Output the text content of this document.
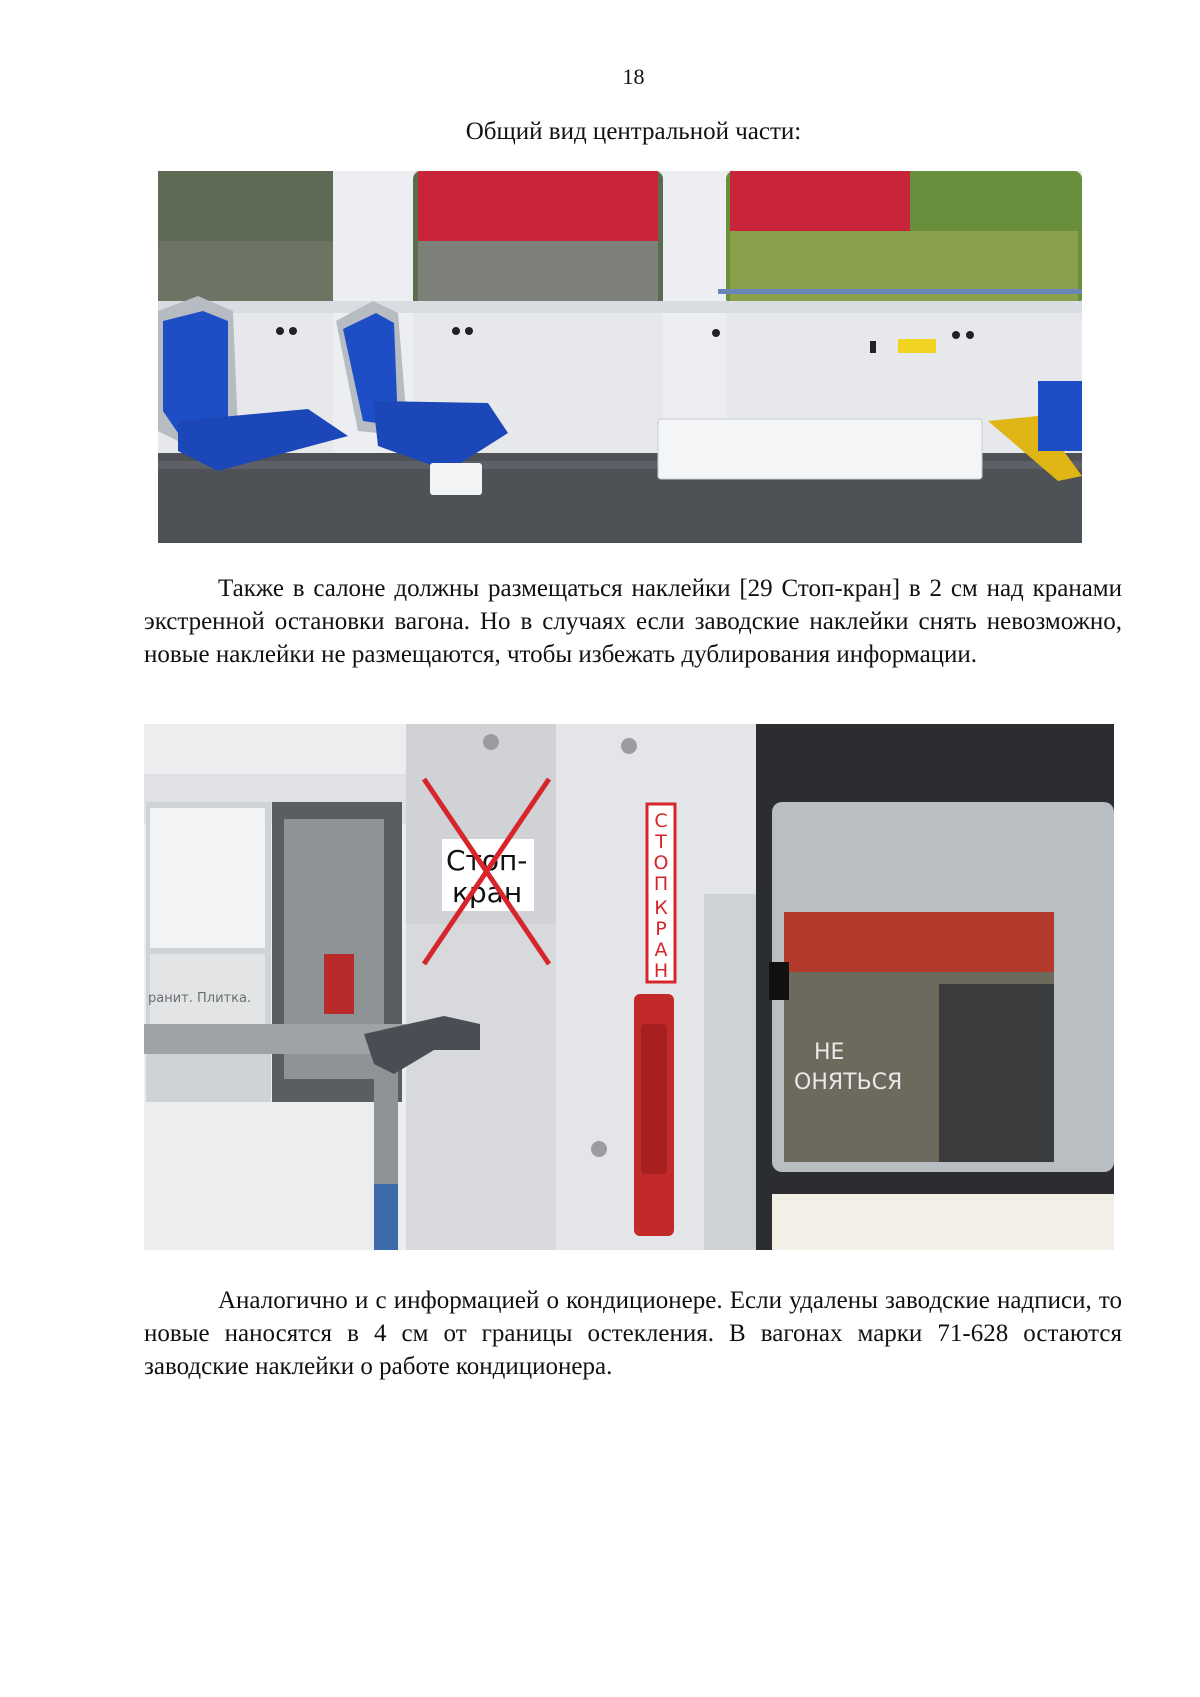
18
Общий вид центральной части:

Также в салоне должны размещаться наклейки [29 Стоп-кран] в 2 см над кранами экстренной остановки вагона. Но в случаях если заводские наклейки снять невозможно, новые наклейки не размещаются, чтобы избежать дублирования информации.

ранит. Плитка.
Стоп-
кран
С
Т
О
П
К
Р
А
Н
НЕ
ОНЯТЬСЯ

Аналогично и с информацией о кондиционере. Если удалены заводские надписи, то новые наносятся в 4 см от границы остекления. В вагонах марки 71-628 остаются заводские наклейки о работе кондиционера.
